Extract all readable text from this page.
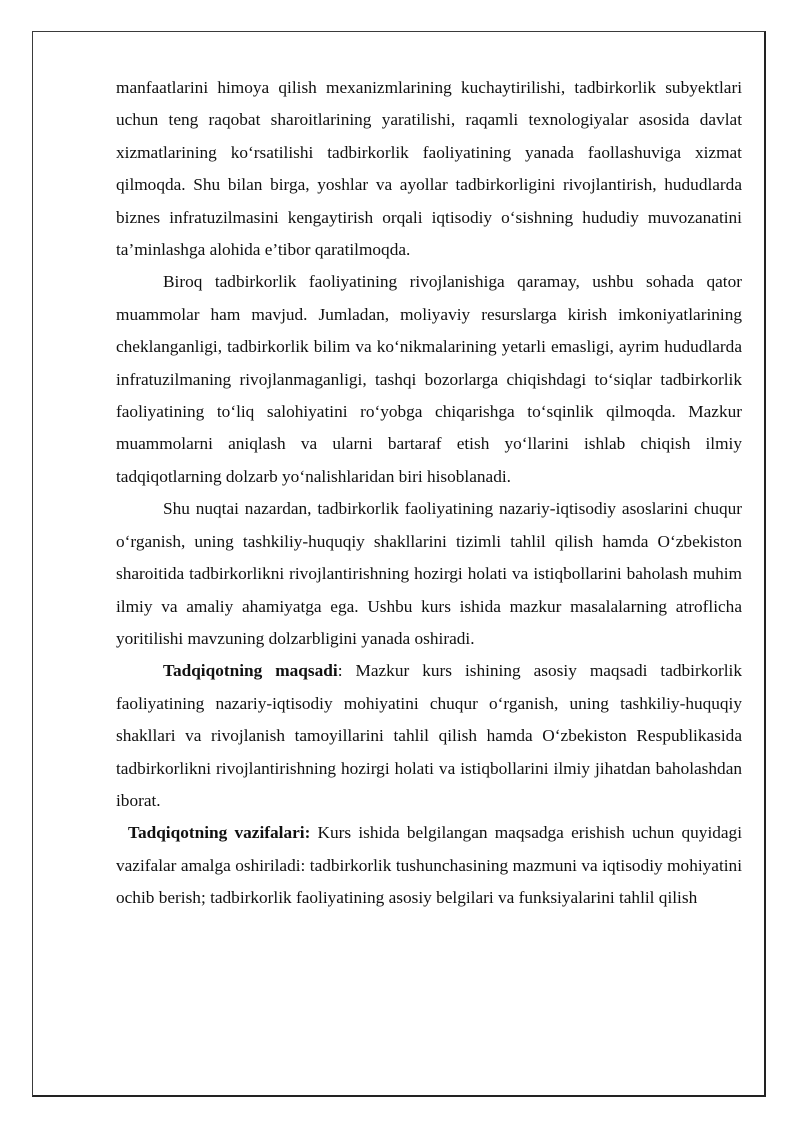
manfaatlarini himoya qilish mexanizmlarining kuchaytirilishi, tadbirkorlik subyektlari uchun teng raqobat sharoitlarining yaratilishi, raqamli texnologiyalar asosida davlat xizmatlarining ko‘rsatilishi tadbirkorlik faoliyatining yanada faollashuviga xizmat qilmoqda. Shu bilan birga, yoshlar va ayollar tadbirkorligini rivojlantirish, hududlarda biznes infratuzilmasini kengaytirish orqali iqtisodiy o‘sishning hududiy muvozanatini ta’minlashga alohida e’tibor qaratilmoqda.

Biroq tadbirkorlik faoliyatining rivojlanishiga qaramay, ushbu sohada qator muammolar ham mavjud. Jumladan, moliyaviy resurslarga kirish imkoniyatlarining cheklanganligi, tadbirkorlik bilim va ko‘nikmalarining yetarli emasligi, ayrim hududlarda infratuzilmaning rivojlanmaganligi, tashqi bozorlarga chiqishdagi to‘siqlar tadbirkorlik faoliyatining to‘liq salohiyatini ro‘yobga chiqarishga to‘sqinlik qilmoqda. Mazkur muammolarni aniqlash va ularni bartaraf etish yo‘llarini ishlab chiqish ilmiy tadqiqotlarning dolzarb yo‘nalishlaridan biri hisoblanadi.

Shu nuqtai nazardan, tadbirkorlik faoliyatining nazariy-iqtisodiy asoslarini chuqur o‘rganish, uning tashkiliy-huquqiy shakllarini tizimli tahlil qilish hamda O‘zbekiston sharoitida tadbirkorlikni rivojlantirishning hozirgi holati va istiqbollarini baholash muhim ilmiy va amaliy ahamiyatga ega. Ushbu kurs ishida mazkur masalalarning atroflicha yoritilishi mavzuning dolzarbligini yanada oshiradi.

Tadqiqotning maqsadi: Mazkur kurs ishining asosiy maqsadi tadbirkorlik faoliyatining nazariy-iqtisodiy mohiyatini chuqur o‘rganish, uning tashkiliy-huquqiy shakllari va rivojlanish tamoyillarini tahlil qilish hamda O‘zbekiston Respublikasida tadbirkorlikni rivojlantirishning hozirgi holati va istiqbollarini ilmiy jihatdan baholashdan iborat.

Tadqiqotning vazifalari: Kurs ishida belgilangan maqsadga erishish uchun quyidagi vazifalar amalga oshiriladi: tadbirkorlik tushunchasining mazmuni va iqtisodiy mohiyatini ochib berish; tadbirkorlik faoliyatining asosiy belgilari va funksiyalarini tahlil qilish
